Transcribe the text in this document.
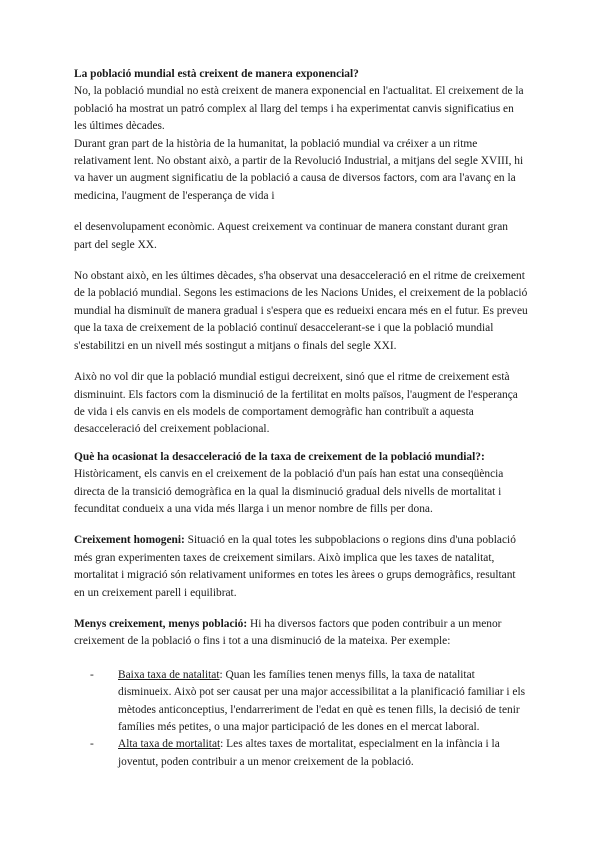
La població mundial està creixent de manera exponencial?

No, la població mundial no està creixent de manera exponencial en l'actualitat. El creixement de la població ha mostrat un patró complex al llarg del temps i ha experimentat canvis significatius en les últimes dècades.

Durant gran part de la història de la humanitat, la població mundial va créixer a un ritme relativament lent. No obstant això, a partir de la Revolució Industrial, a mitjans del segle XVIII, hi va haver un augment significatiu de la població a causa de diversos factors, com ara l'avanç en la medicina, l'augment de l'esperança de vida i

el desenvolupament econòmic. Aquest creixement va continuar de manera constant durant gran part del segle XX.

No obstant això, en les últimes dècades, s'ha observat una desacceleració en el ritme de creixement de la població mundial. Segons les estimacions de les Nacions Unides, el creixement de la població mundial ha disminuït de manera gradual i s'espera que es redueixi encara més en el futur. Es preveu que la taxa de creixement de la població continuï desaccelerant-se i que la població mundial s'estabilitzi en un nivell més sostingut a mitjans o finals del segle XXI.

Això no vol dir que la població mundial estigui decreixent, sinó que el ritme de creixement està disminuint. Els factors com la disminució de la fertilitat en molts països, l'augment de l'esperança de vida i els canvis en els models de comportament demogràfic han contribuït a aquesta desacceleració del creixement poblacional.

Què ha ocasionat la desacceleració de la taxa de creixement de la població mundial?:

Històricament, els canvis en el creixement de la població d'un país han estat una conseqüència directa de la transició demogràfica en la qual la disminució gradual dels nivells de mortalitat i fecunditat condueix a una vida més llarga i un menor nombre de fills per dona.

Creixement homogeni: Situació en la qual totes les subpoblacions o regions dins d'una població més gran experimenten taxes de creixement similars. Això implica que les taxes de natalitat, mortalitat i migració són relativament uniformes en totes les àrees o grups demogràfics, resultant en un creixement parell i equilibrat.

Menys creixement, menys població: Hi ha diversos factors que poden contribuir a un menor creixement de la població o fins i tot a una disminució de la mateixa. Per exemple:

- Baixa taxa de natalitat: Quan les famílies tenen menys fills, la taxa de natalitat disminueix. Això pot ser causat per una major accessibilitat a la planificació familiar i els mètodes anticonceptius, l'endarreriment de l'edat en què es tenen fills, la decisió de tenir famílies més petites, o una major participació de les dones en el mercat laboral.
- Alta taxa de mortalitat: Les altes taxes de mortalitat, especialment en la infància i la joventut, poden contribuir a un menor creixement de la població.
